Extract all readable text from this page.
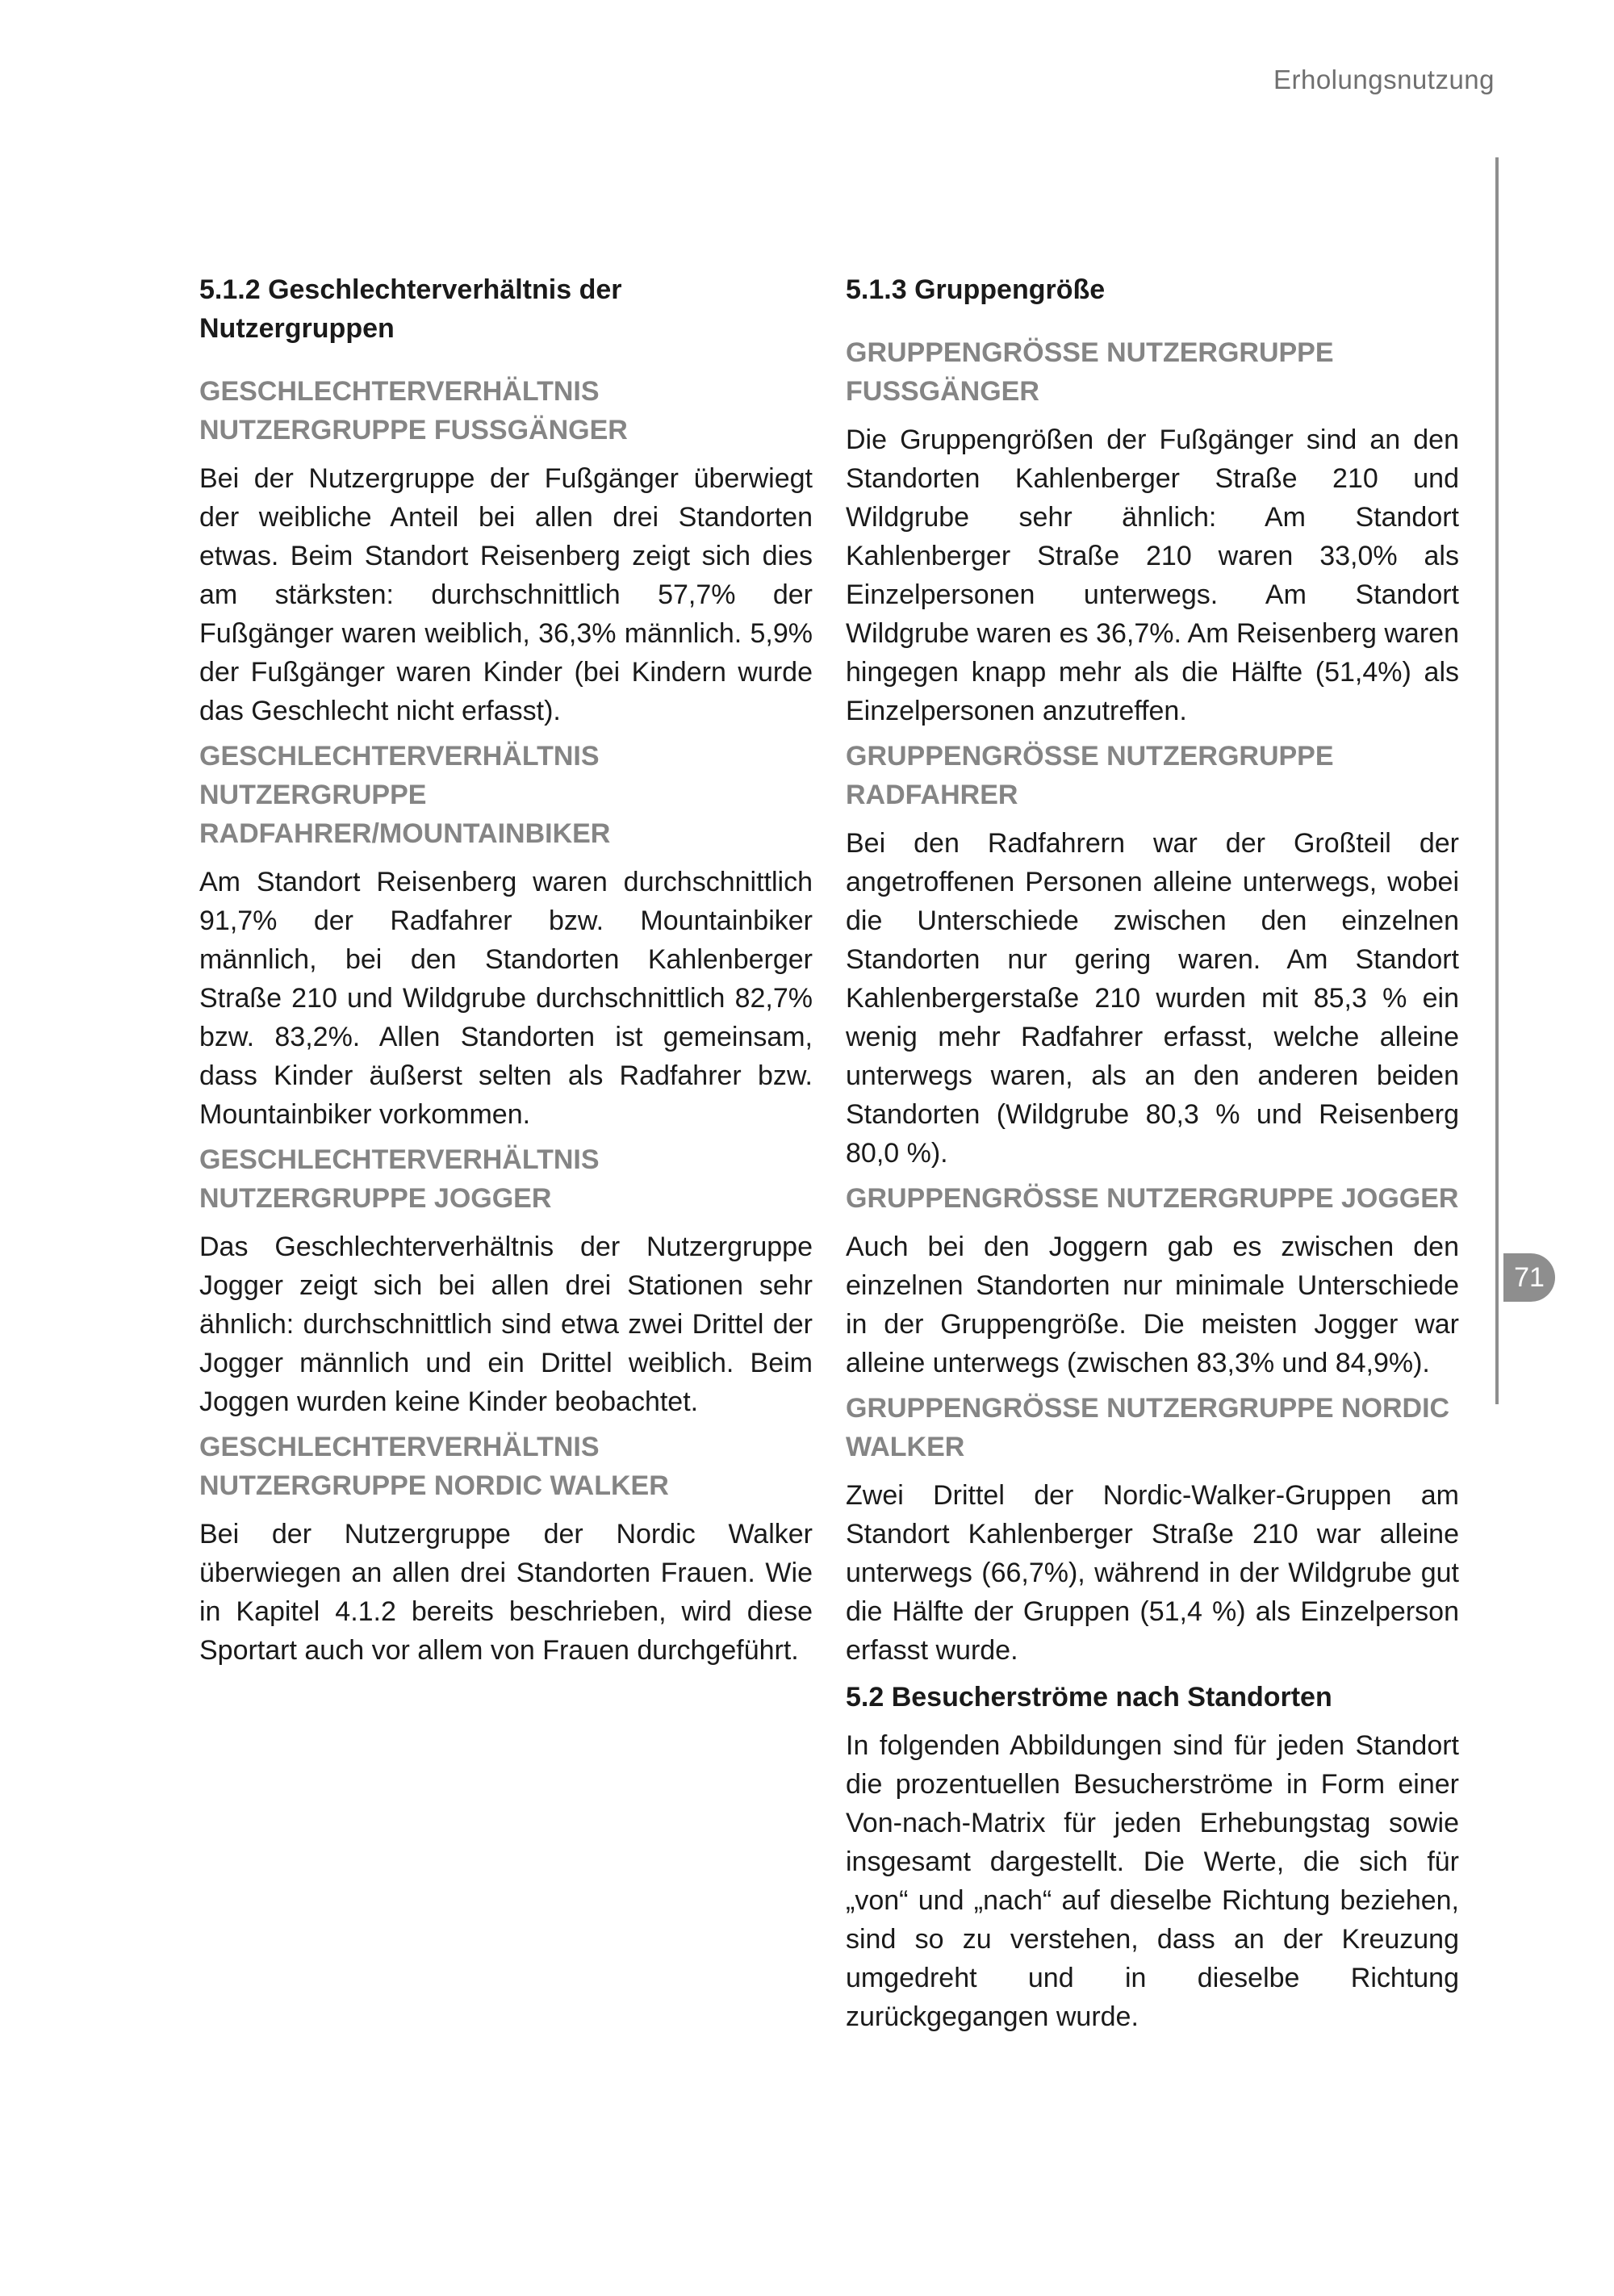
Erholungsnutzung
71
5.1.2 Geschlechterverhältnis der Nutzergruppen
GESCHLECHTERVERHÄLTNIS NUTZERGRUPPE FUSSGÄNGER

Bei der Nutzergruppe der Fußgänger überwiegt der weibliche Anteil bei allen drei Standorten etwas. Beim Standort Reisenberg zeigt sich dies am stärksten: durchschnittlich 57,7% der Fußgänger waren weiblich, 36,3% männlich. 5,9% der Fußgänger waren Kinder (bei Kindern wurde das Geschlecht nicht erfasst).

GESCHLECHTERVERHÄLTNIS NUTZERGRUPPE RADFAHRER/MOUNTAINBIKER

Am Standort Reisenberg waren durchschnittlich 91,7% der Radfahrer bzw. Mountainbiker männlich, bei den Standorten Kahlenberger Straße 210 und Wildgrube durchschnittlich 82,7% bzw. 83,2%. Allen Standorten ist gemeinsam, dass Kinder äußerst selten als Radfahrer bzw. Mountainbiker vorkommen.

GESCHLECHTERVERHÄLTNIS NUTZERGRUPPE JOGGER

Das Geschlechterverhältnis der Nutzergruppe Jogger zeigt sich bei allen drei Stationen sehr ähnlich: durchschnittlich sind etwa zwei Drittel der Jogger männlich und ein Drittel weiblich. Beim Joggen wurden keine Kinder beobachtet.

GESCHLECHTERVERHÄLTNIS NUTZERGRUPPE NORDIC WALKER

Bei der Nutzergruppe der Nordic Walker überwiegen an allen drei Standorten Frauen. Wie in Kapitel 4.1.2 bereits beschrieben, wird diese Sportart auch vor allem von Frauen durchgeführt.

5.1.3 Gruppengröße
GRUPPENGRÖSSE NUTZERGRUPPE FUSSGÄNGER

Die Gruppengrößen der Fußgänger sind an den Standorten Kahlenberger Straße 210 und Wildgrube sehr ähnlich: Am Standort Kahlenberger Straße 210 waren 33,0% als Einzelpersonen unterwegs. Am Standort Wildgrube waren es 36,7%. Am Reisenberg waren hingegen knapp mehr als die Hälfte (51,4%) als Einzelpersonen anzutreffen.

GRUPPENGRÖSSE NUTZERGRUPPE RADFAHRER

Bei den Radfahrern war der Großteil der angetroffenen Personen alleine unterwegs, wobei die Unterschiede zwischen den einzelnen Standorten nur gering waren. Am Standort Kahlenbergerstaße 210 wurden mit 85,3 % ein wenig mehr Radfahrer erfasst, welche alleine unterwegs waren, als an den anderen beiden Standorten (Wildgrube 80,3 % und Reisenberg 80,0 %).

GRUPPENGRÖSSE NUTZERGRUPPE JOGGER

Auch bei den Joggern gab es zwischen den einzelnen Standorten nur minimale Unterschiede in der Gruppengröße. Die meisten Jogger war alleine unterwegs (zwischen 83,3% und 84,9%).

GRUPPENGRÖSSE NUTZERGRUPPE NORDIC WALKER

Zwei Drittel der Nordic-Walker-Gruppen am Standort Kahlenberger Straße 210 war alleine unterwegs (66,7%), während in der Wildgrube gut die Hälfte der Gruppen (51,4 %) als Einzelperson erfasst wurde.

5.2 Besucherströme nach Standorten

In folgenden Abbildungen sind für jeden Standort die prozentuellen Besucherströme in Form einer Von-nach-Matrix für jeden Erhebungstag sowie insgesamt dargestellt. Die Werte, die sich für „von“ und „nach“ auf dieselbe Richtung beziehen, sind so zu verstehen, dass an der Kreuzung umgedreht und in dieselbe Richtung zurückgegangen wurde.
